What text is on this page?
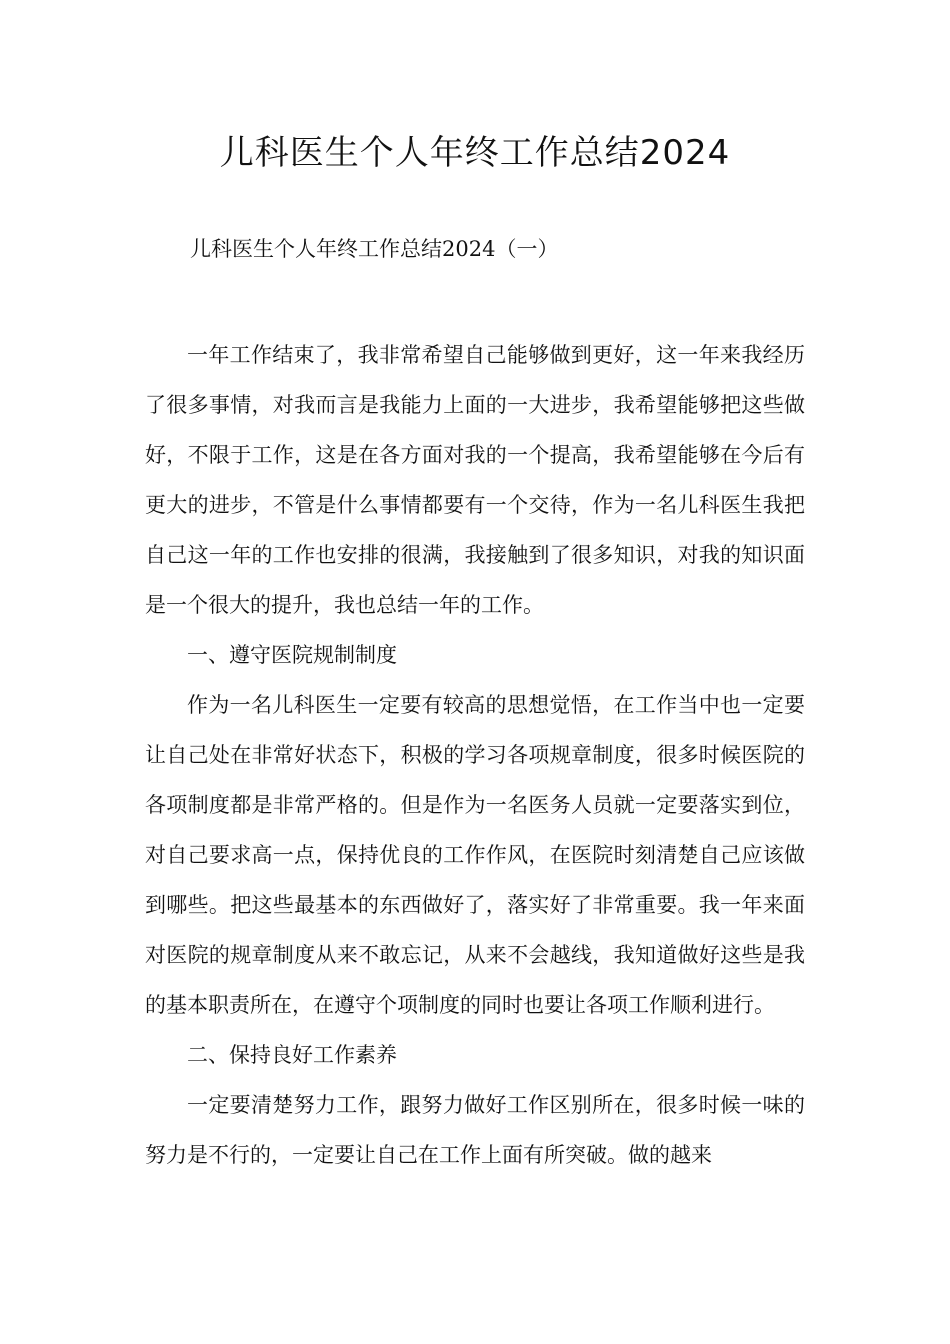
儿科医生个人年终工作总结2024
儿科医生个人年终工作总结2024（一）

一年工作结束了，我非常希望自己能够做到更好，这一年来我经历了很多事情，对我而言是我能力上面的一大进步，我希望能够把这些做好，不限于工作，这是在各方面对我的一个提高，我希望能够在今后有更大的进步，不管是什么事情都要有一个交待，作为一名儿科医生我把自己这一年的工作也安排的很满，我接触到了很多知识，对我的知识面是一个很大的提升，我也总结一年的工作。

一、遵守医院规制制度

作为一名儿科医生一定要有较高的思想觉悟，在工作当中也一定要让自己处在非常好状态下，积极的学习各项规章制度，很多时候医院的各项制度都是非常严格的。但是作为一名医务人员就一定要落实到位，对自己要求高一点，保持优良的工作作风，在医院时刻清楚自己应该做到哪些。把这些最基本的东西做好了，落实好了非常重要。我一年来面对医院的规章制度从来不敢忘记，从来不会越线，我知道做好这些是我的基本职责所在，在遵守个项制度的同时也要让各项工作顺利进行。

二、保持良好工作素养

一定要清楚努力工作，跟努力做好工作区别所在，很多时候一味的努力是不行的，一定要让自己在工作上面有所突破。做的越来
